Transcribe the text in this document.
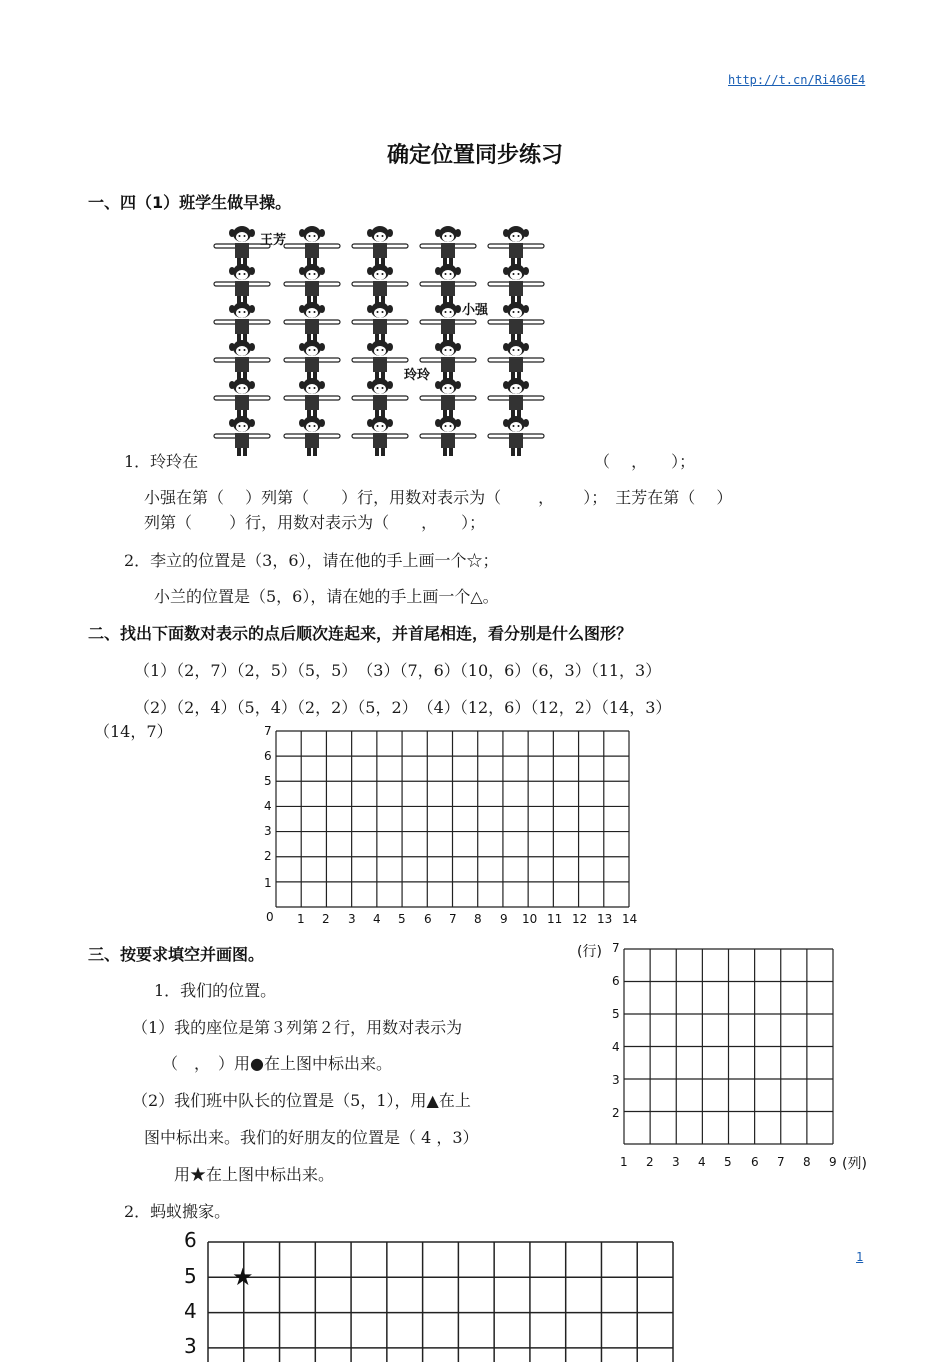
http://t.cn/Ri466E4
1
确定位置同步练习
一、四（1）班学生做早操。
王芳
小强
玲玲
1．玲玲在	（　 ，　　）；
小强在第（　 ）列第（　　）行，用数对表示为（　　 ，　　 ）；　王芳在第（　 ）
列第（　　 ）行，用数对表示为（　　，　　）；
2．李立的位置是（3，6），请在他的手上画一个☆；
小兰的位置是（5，6），请在她的手上画一个△。
二、找出下面数对表示的点后顺次连起来，并首尾相连，看分别是什么图形？
（1）（2，7）（2，5）（5，5）　（3）（7，6）（10，6）（6，3）（11，3）
（2）（2，4）（5，4）（2，2）（5，2）　（4）（12，6）（12，2）（14，3）
（14，7）	7
6
5
4
3
2
1
0 1 2 3 4 5 6 7 8 9 10 11 12 13 14
三、按要求填空并画图。
1．我们的位置。
（1）我的座位是第３列第２行，用数对表示为
（　，　）用●在上图中标出来。
（2）我们班中队长的位置是（5，1），用▲在上
图中标出来。我们的好朋友的位置是（ 4 ，3）
用★在上图中标出来。
2．蚂蚁搬家。
(行) 7
6
5
4
3
2
1 2 3 4 5 6 7 8 9 (列)
6
5
4
3
★
